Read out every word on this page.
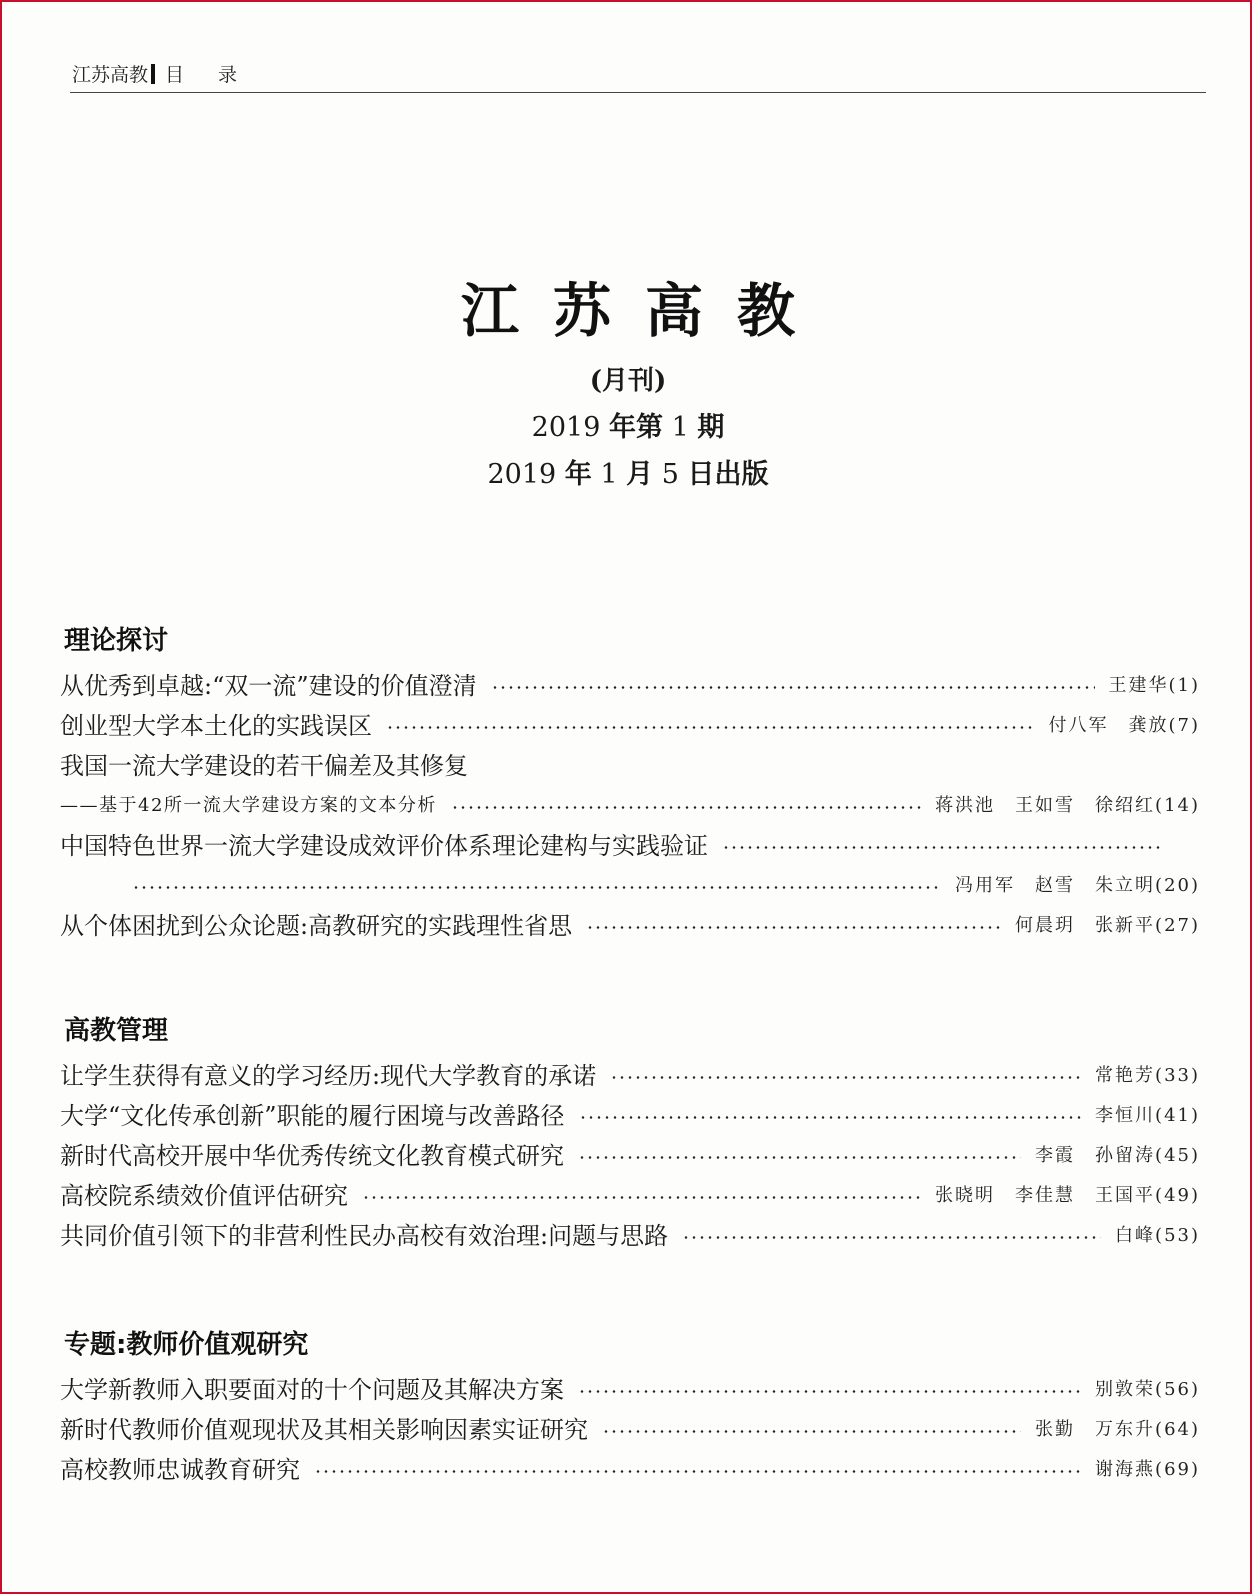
江苏高教 目 录
江苏高教
(月刊)
2019 年第 1 期
2019 年 1 月 5 日出版
理论探讨
从优秀到卓越:“双一流”建设的价值澄清	王建华(1)
创业型大学本土化的实践误区	付八军　龚放(7)
我国一流大学建设的若干偏差及其修复
——基于42所一流大学建设方案的文本分析	蒋洪池　王如雪　徐绍红(14)
中国特色世界一流大学建设成效评价体系理论建构与实践验证
冯用军　赵雪　朱立明(20)
从个体困扰到公众论题:高教研究的实践理性省思	何晨玥　张新平(27)
高教管理
让学生获得有意义的学习经历:现代大学教育的承诺	常艳芳(33)
大学“文化传承创新”职能的履行困境与改善路径	李恒川(41)
新时代高校开展中华优秀传统文化教育模式研究	李霞　孙留涛(45)
高校院系绩效价值评估研究	张晓明　李佳慧　王国平(49)
共同价值引领下的非营利性民办高校有效治理:问题与思路	白峰(53)
专题:教师价值观研究
大学新教师入职要面对的十个问题及其解决方案	别敦荣(56)
新时代教师价值观现状及其相关影响因素实证研究	张勤　万东升(64)
高校教师忠诚教育研究	谢海燕(69)
